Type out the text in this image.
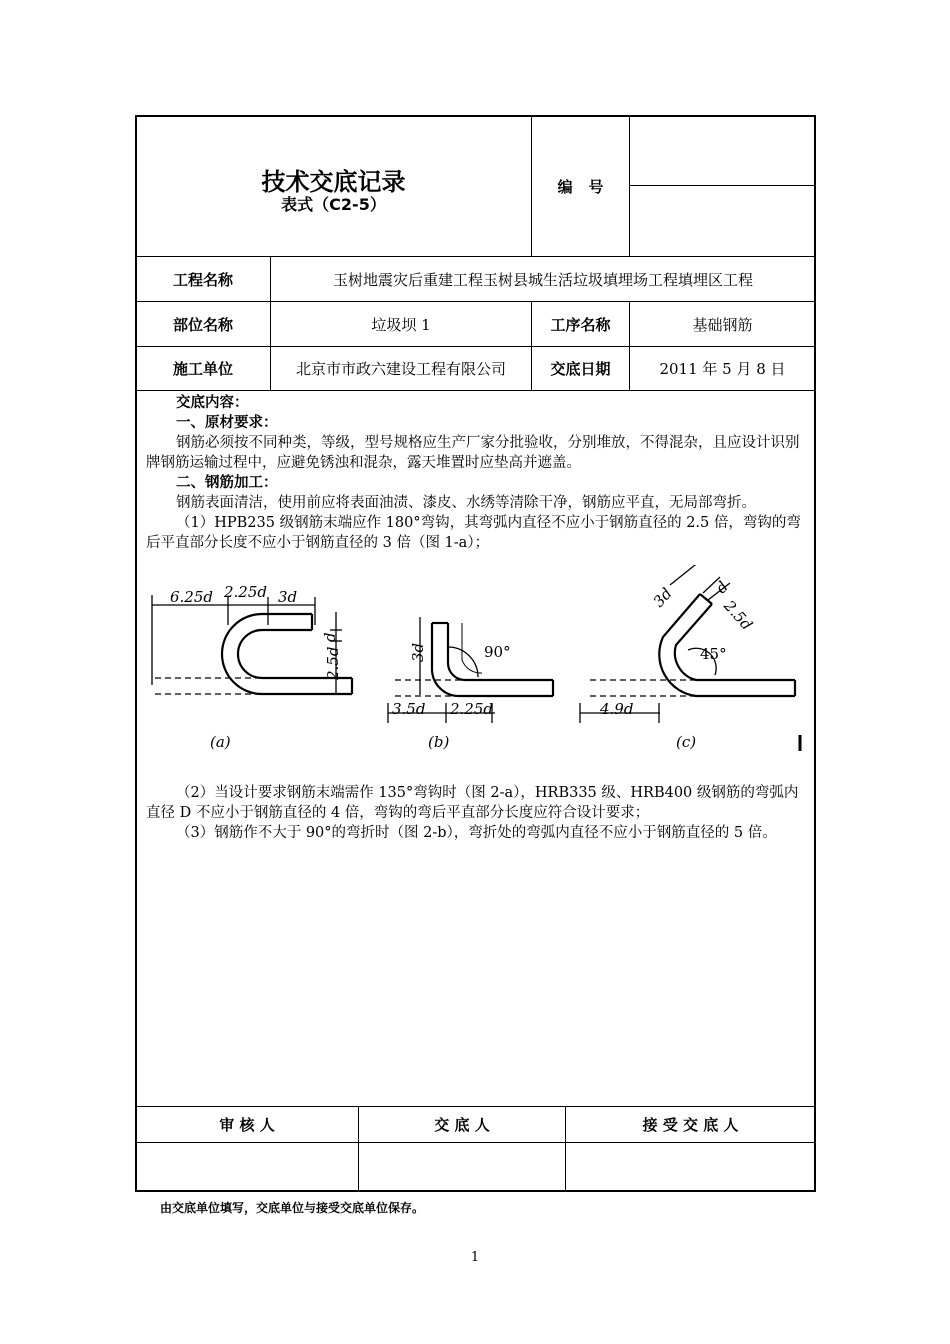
技术交底记录
表式（C2-5）
编   号
工程名称	玉树地震灾后重建工程玉树县城生活垃圾填埋场工程填埋区工程
部位名称	垃圾坝 1	工序名称	基础钢筋
施工单位	北京市市政六建设工程有限公司	交底日期	2011 年 5 月 8 日

交底内容：

一、原材要求：

钢筋必须按不同种类，等级，型号规格应生产厂家分批验收，分别堆放，不得混杂，且应设计识别牌钢筋运输过程中，应避免锈浊和混杂，露天堆置时应垫高并遮盖。

二、钢筋加工：

钢筋表面清洁，使用前应将表面油渍、漆皮、水绣等清除干净，钢筋应平直，无局部弯折。

（1）HPB235 级钢筋末端应作 180°弯钩，其弯弧内直径不应小于钢筋直径的 2.5 倍，弯钩的弯后平直部分长度不应小于钢筋直径的 3 倍（图 1-a）；

6.25d 2.25d 3d
d
2.5d
(a)
3d	90°
3.5d 2.25d
(b)
3d d
2.5d
45°
4.9d
(c)

（2）当设计要求钢筋末端需作 135°弯钩时（图 2-a），HRB335 级、HRB400 级钢筋的弯弧内直径 D 不应小于钢筋直径的 4 倍，弯钩的弯后平直部分长度应符合设计要求；

（3）钢筋作不大于 90°的弯折时（图 2-b），弯折处的弯弧内直径不应小于钢筋直径的 5 倍。

审 核 人	交 底 人	接 受 交 底 人
由交底单位填写，交底单位与接受交底单位保存。
1
